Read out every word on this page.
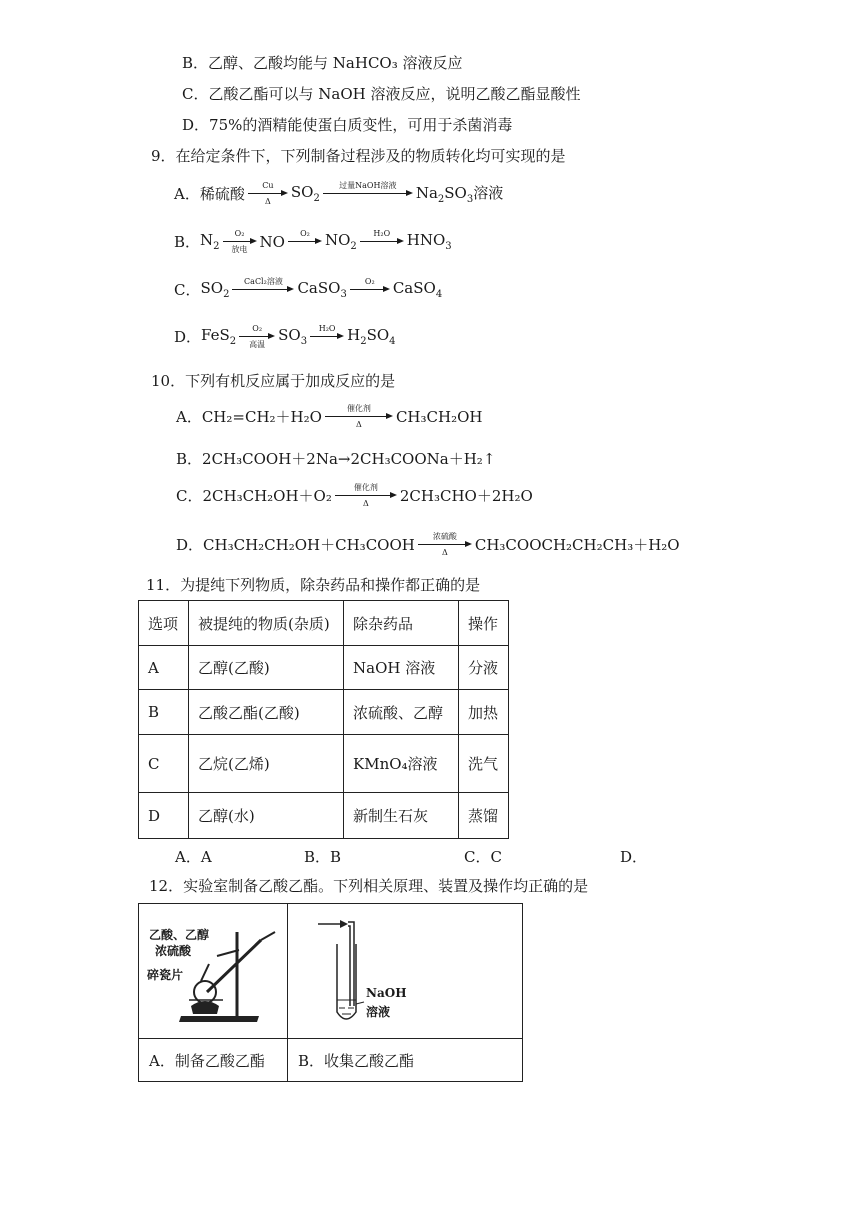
B．乙醇、乙酸均能与 NaHCO₃ 溶液反应
C．乙酸乙酯可以与 NaOH 溶液反应，说明乙酸乙酯显酸性
D．75%的酒精能使蛋白质变性，可用于杀菌消毒
9．在给定条件下，下列制备过程涉及的物质转化均可实现的是
A． 稀硫酸 Cu
Δ
$SO_2$
过量NaOH溶液 $Na_2SO_3$溶液
B． $N_2$
O₂
放电 NO O₂ $NO_2$
H₂O $HNO_3$
C． $SO_2$
CaCl₂溶液 CaSO$_3$
O₂ CaSO$_4$
D． FeS$_2$
O₂
高温
$SO_3$
H₂O $H_2SO_4$
10．下列有机反应属于加成反应的是
A．CH₂=CH₂＋H₂O	催化剂
Δ CH₃CH₂OH
B．2CH₃COOH＋2Na→2CH₃COONa＋H₂↑
C．2CH₃CH₂OH＋O₂	催化剂
Δ 2CH₃CHO＋2H₂O
D．CH₃CH₂CH₂OH＋CH₃COOH 浓硫酸
Δ CH₃COOCH₂CH₂CH₃＋H₂O
11．为提纯下列物质，除杂药品和操作都正确的是
选项	被提纯的物质(杂质)	除杂药品	操作
A	乙醇(乙酸)	NaOH 溶液	分液
B	乙酸乙酯(乙酸)	浓硫酸、乙醇	加热
C	乙烷(乙烯)	KMnO₄溶液	洗气
D	乙醇(水)	新制生石灰	蒸馏
A．A	B．B	C．C	D．
12．实验室制备乙酸乙酯。下列相关原理、装置及操作均正确的是
乙酸、乙醇
浓硫酸
碎瓷片	NaOH
溶液

A．制备乙酸乙酯	B．收集乙酸乙酯
